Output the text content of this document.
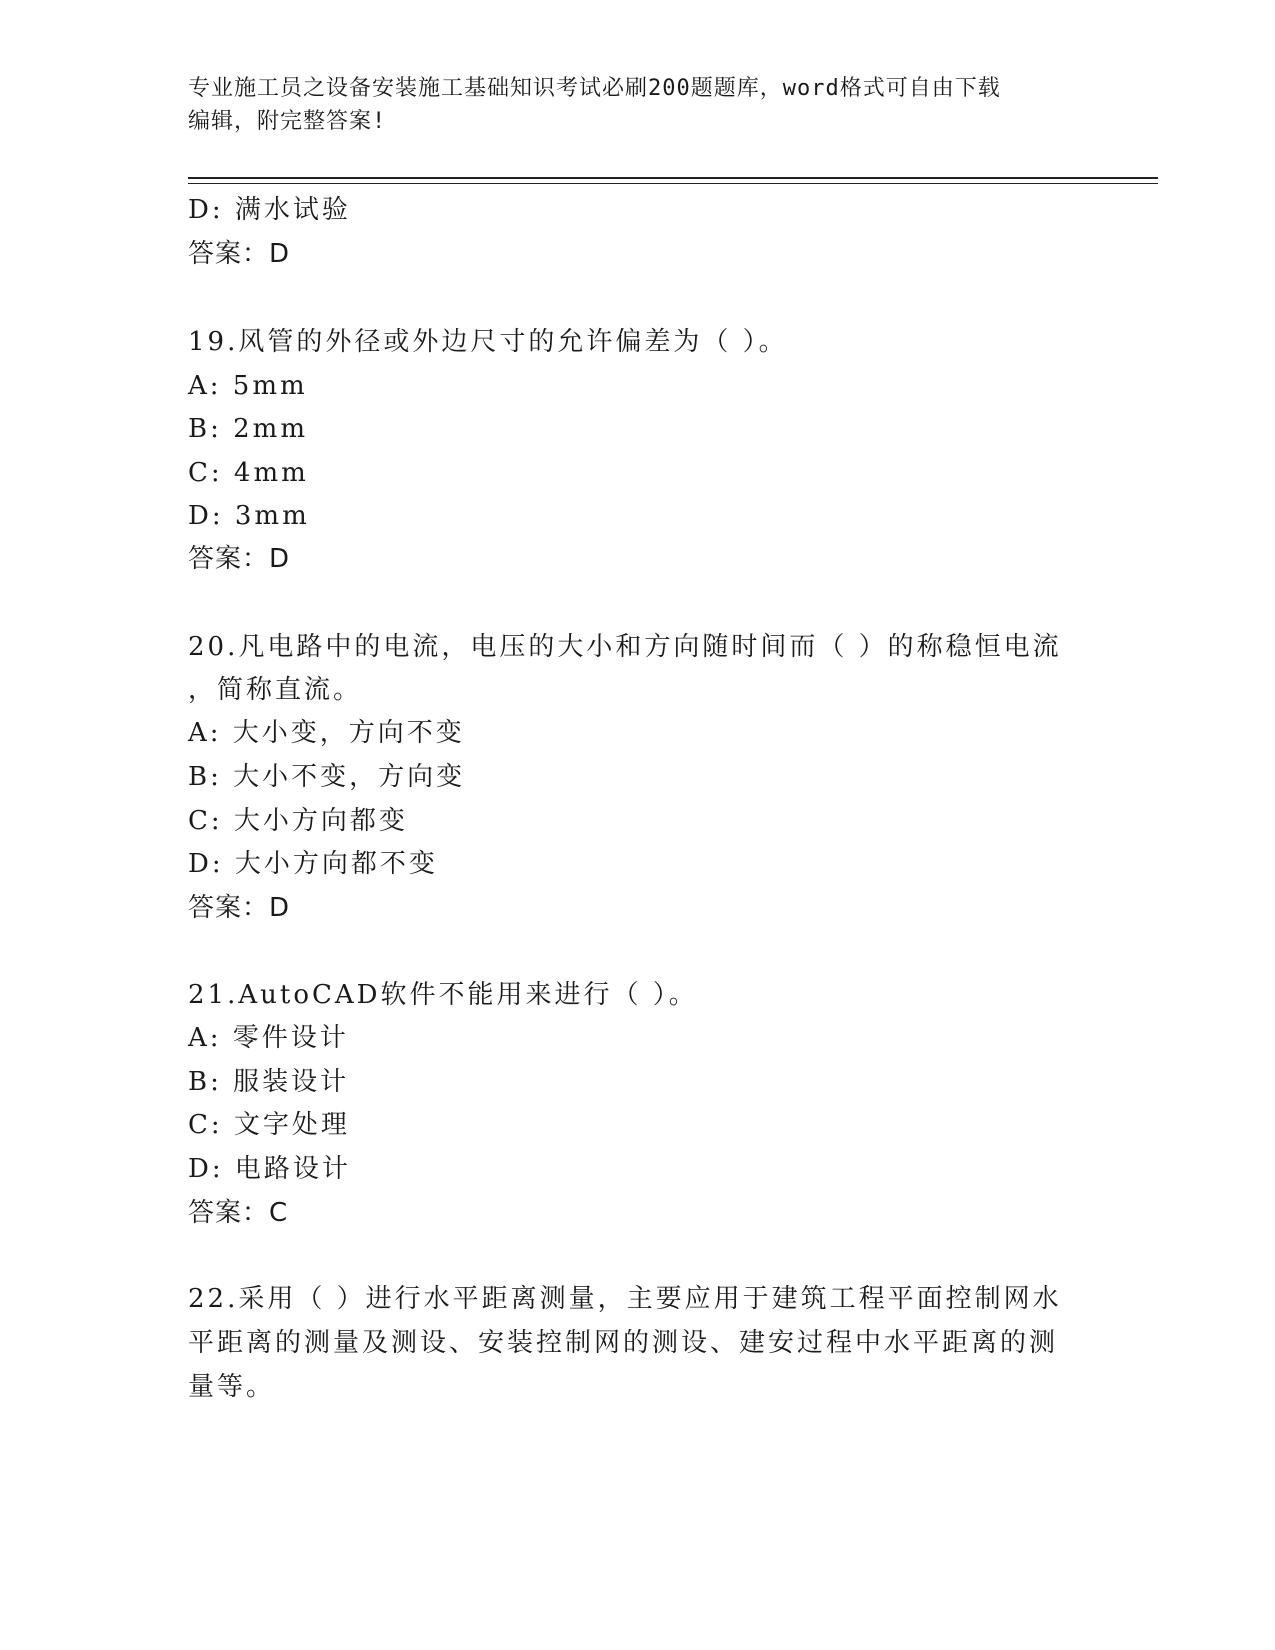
专业施工员之设备安装施工基础知识考试必刷200题题库，word格式可自由下载
编辑，附完整答案!
D: 满水试验
答案：D
19.风管的外径或外边尺寸的允许偏差为（ ）。
A: 5mm
B: 2mm
C: 4mm
D: 3mm
答案：D
20.凡电路中的电流，电压的大小和方向随时间而（ ）的称稳恒电流
，简称直流。
A: 大小变，方向不变
B: 大小不变，方向变
C: 大小方向都变
D: 大小方向都不变
答案：D
21.AutoCAD软件不能用来进行（ ）。
A: 零件设计
B: 服装设计
C: 文字处理
D: 电路设计
答案：C
22.采用（ ）进行水平距离测量，主要应用于建筑工程平面控制网水
平距离的测量及测设、安装控制网的测设、建安过程中水平距离的测
量等。
